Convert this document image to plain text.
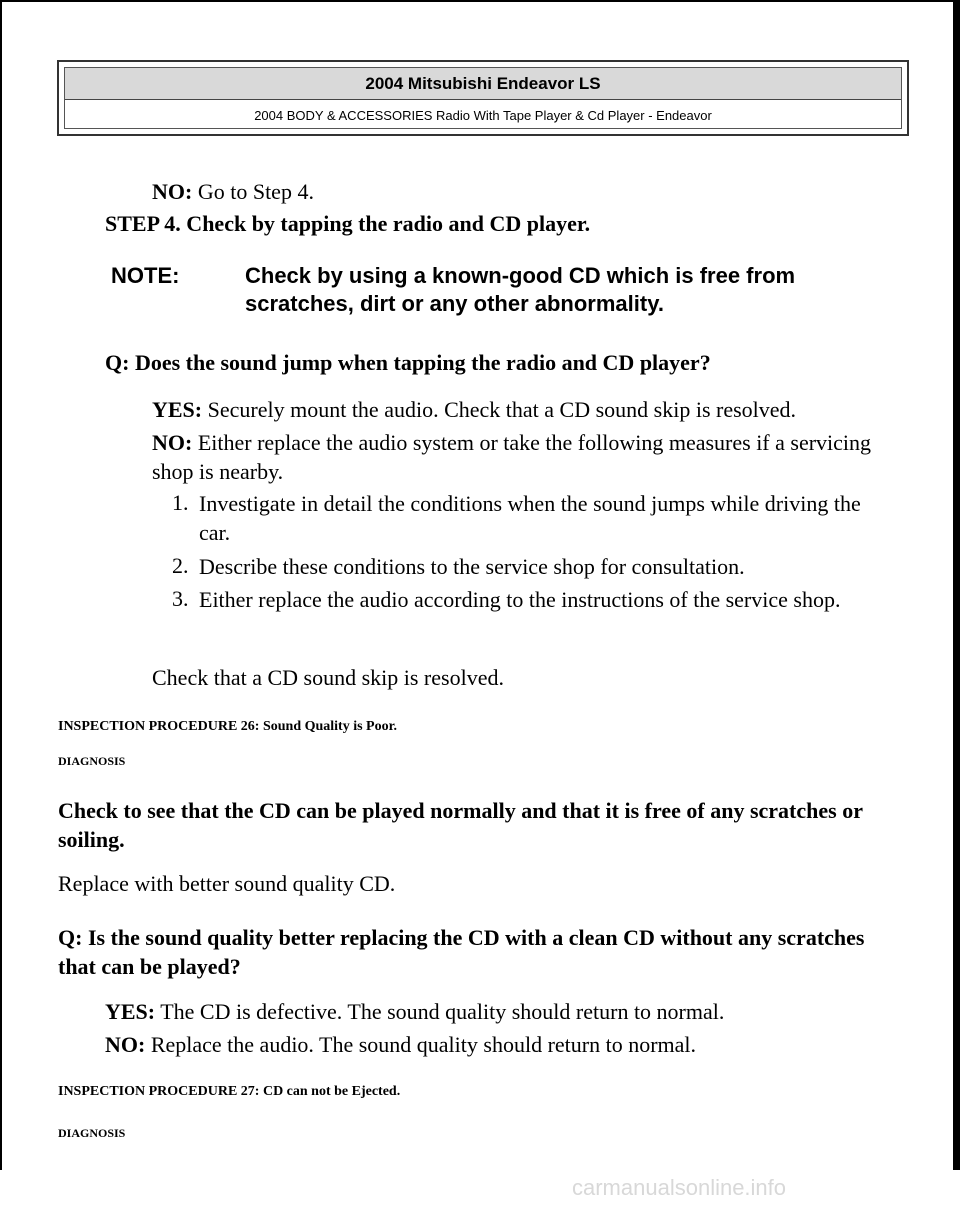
2004 Mitsubishi Endeavor LS
2004 BODY & ACCESSORIES Radio With Tape Player & Cd Player - Endeavor

NO: Go to Step 4.

STEP 4. Check by tapping the radio and CD player.

NOTE:	Check by using a known-good CD which is free from
scratches, dirt or any other abnormality.

Q: Does the sound jump when tapping the radio and CD player?

YES: Securely mount the audio. Check that a CD sound skip is resolved.

NO: Either replace the audio system or take the following measures if a servicing shop is nearby.
1. Investigate in detail the conditions when the sound jumps while driving the car.
2. Describe these conditions to the service shop for consultation.
3. Either replace the audio according to the instructions of the service shop.

Check that a CD sound skip is resolved.

INSPECTION PROCEDURE 26: Sound Quality is Poor.

DIAGNOSIS

Check to see that the CD can be played normally and that it is free of any scratches or soiling.

Replace with better sound quality CD.

Q: Is the sound quality better replacing the CD with a clean CD without any scratches that can be played?

YES: The CD is defective. The sound quality should return to normal.

NO: Replace the audio. The sound quality should return to normal.

INSPECTION PROCEDURE 27: CD can not be Ejected.

DIAGNOSIS

carmanualsonline.info
